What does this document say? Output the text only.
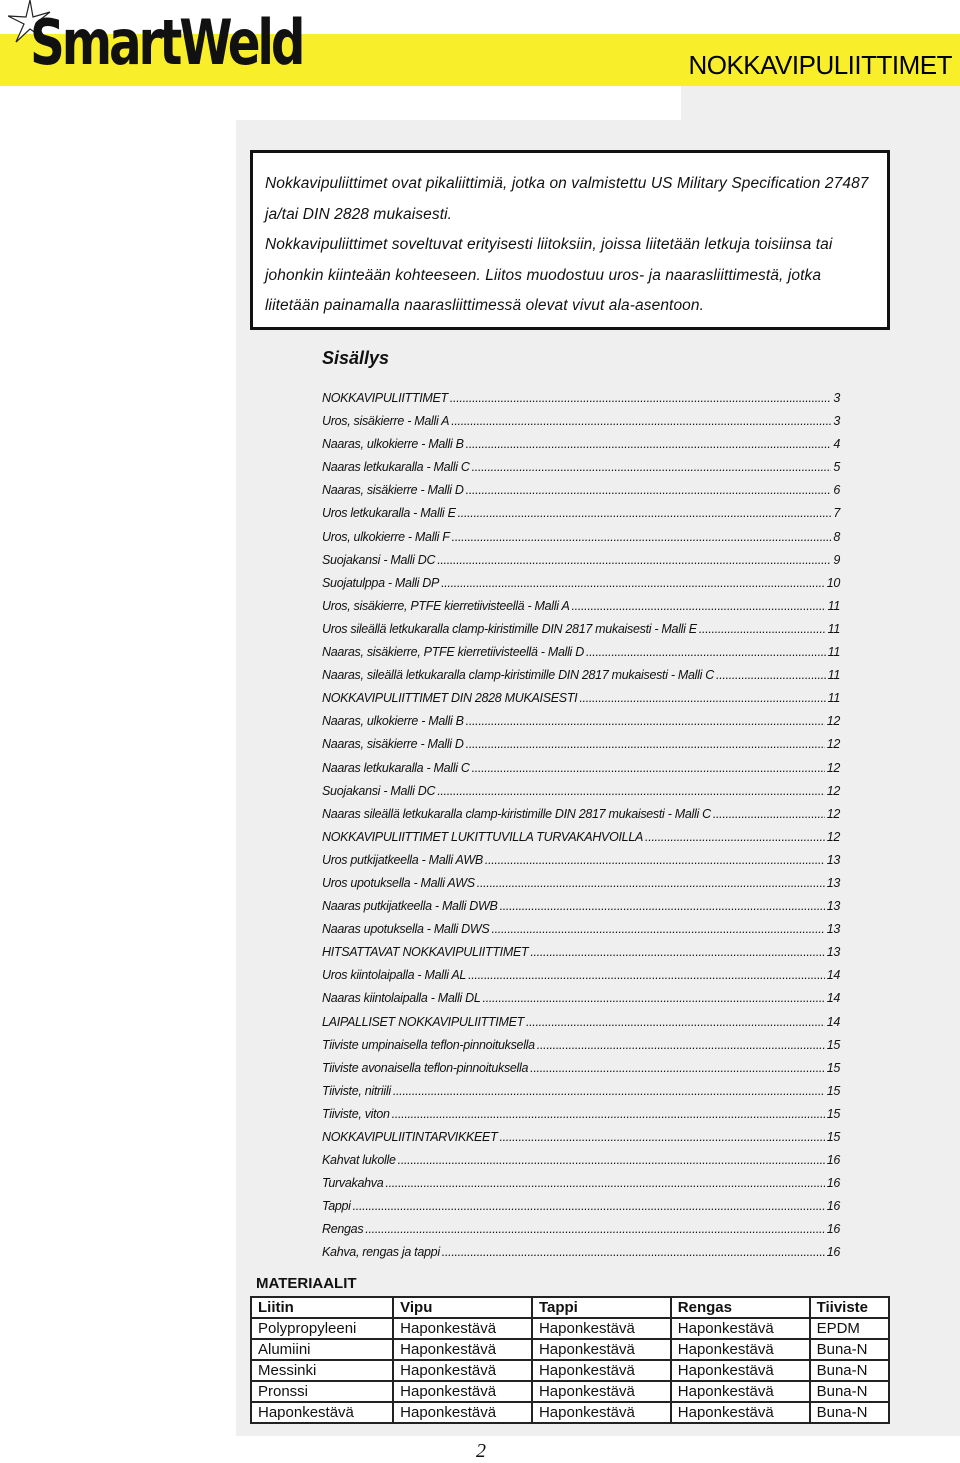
SmartWeld	NOKKAVIPULIITTIMET

Nokkavipuliittimet ovat pikaliittimiä, jotka on valmistettu US Military Specification 27487 ja/tai DIN 2828 mukaisesti.

Nokkavipuliittimet soveltuvat erityisesti liitoksiin, joissa liitetään letkuja toisiinsa tai johonkin kiinteään kohteeseen. Liitos muodostuu uros- ja naarasliittimestä, jotka liitetään painamalla naarasliittimessä olevat vivut ala-asentoon.

Sisällys
NOKKAVIPULIITTIMET .....	3
Uros, sisäkierre - Malli A .....	3
Naaras, ulkokierre - Malli B .....	4
Naaras letkukaralla - Malli C .....	5
Naaras, sisäkierre - Malli D .....	6
Uros letkukaralla - Malli E .....	7
Uros, ulkokierre - Malli F .....	8
Suojakansi - Malli DC .....	9
Suojatulppa - Malli DP .....	10
Uros, sisäkierre, PTFE kierretiivisteellä - Malli A .....	11
Uros sileällä letkukaralla clamp-kiristimille DIN 2817 mukaisesti - Malli E .....	11
Naaras, sisäkierre, PTFE kierretiivisteellä - Malli D .....	11
Naaras, sileällä letkukaralla clamp-kiristimille DIN 2817 mukaisesti - Malli C .....	11
NOKKAVIPULIITTIMET DIN 2828 MUKAISESTI .....	11
Naaras, ulkokierre - Malli B .....	12
Naaras, sisäkierre - Malli D .....	12
Naaras letkukaralla - Malli C .....	12
Suojakansi - Malli DC .....	12
Naaras sileällä letkukaralla clamp-kiristimille DIN 2817 mukaisesti - Malli C .....	12
NOKKAVIPULIITTIMET LUKITTUVILLA TURVAKAHVOILLA .....	12
Uros putkijatkeella - Malli AWB .....	13
Uros upotuksella - Malli AWS .....	13
Naaras putkijatkeella - Malli DWB .....	13
Naaras upotuksella - Malli DWS .....	13
HITSATTAVAT NOKKAVIPULIITTIMET .....	13
Uros kiintolaipalla - Malli AL .....	14
Naaras kiintolaipalla - Malli DL .....	14
LAIPALLISET NOKKAVIPULIITTIMET .....	14
Tiiviste umpinaisella teflon-pinnoituksella .....	15
Tiiviste avonaisella teflon-pinnoituksella .....	15
Tiiviste, nitriili .....	15
Tiiviste, viton .....	15
NOKKAVIPULIITINTARVIKKEET .....	15
Kahvat lukolle .....	16
Turvakahva .....	16
Tappi .....	16
Rengas .....	16
Kahva, rengas ja tappi .....	16
MATERIAALIT
Liitin	Vipu	Tappi	Rengas	Tiiviste
Polypropyleeni	Haponkestävä	Haponkestävä	Haponkestävä	EPDM
Alumiini	Haponkestävä	Haponkestävä	Haponkestävä	Buna-N
Messinki	Haponkestävä	Haponkestävä	Haponkestävä	Buna-N
Pronssi	Haponkestävä	Haponkestävä	Haponkestävä	Buna-N
Haponkestävä	Haponkestävä	Haponkestävä	Haponkestävä	Buna-N
2
